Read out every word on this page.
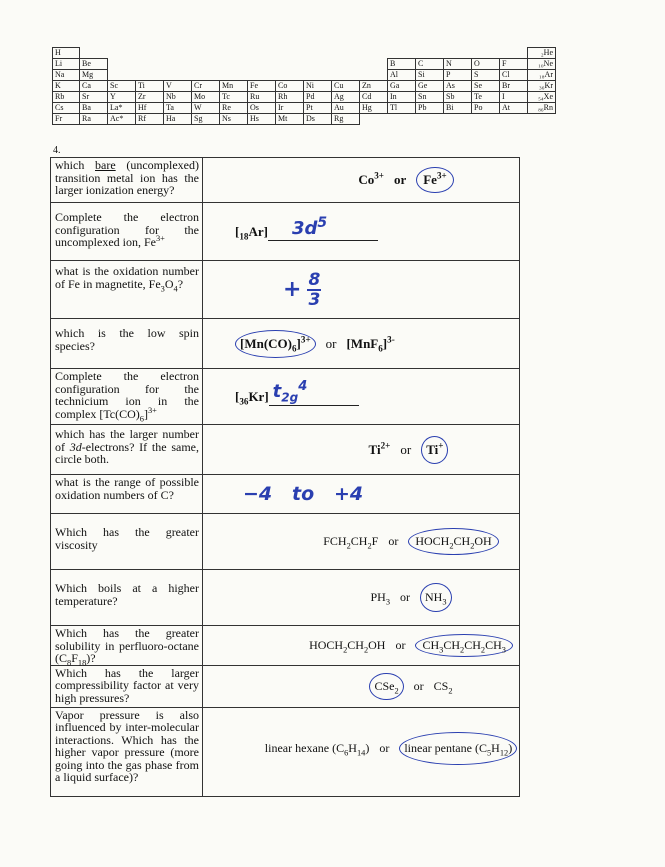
H																	₂He
Li	Be											B	C	N	O	F	₁₀Ne
Na	Mg											Al	Si	P	S	Cl	₁₈Ar
K	Ca	Sc	Ti	V	Cr	Mn	Fe	Co	Ni	Cu	Zn	Ga	Ge	As	Se	Br	₃₆Kr
Rb	Sr	Y	Zr	Nb	Mo	Tc	Ru	Rh	Pd	Ag	Cd	In	Sn	Sb	Te	I	₅₄Xe
Cs	Ba	La*	Hf	Ta	W	Re	Os	Ir	Pt	Au	Hg	Tl	Pb	Bi	Po	At	₈₆Rn
Fr	Ra	Ac*	Rf	Ha	Sg	Ns	Hs	Mt	Ds	Rg							
4.
which bare (uncomplexed) transition metal ion has the larger ionization energy?	$Co^{3+}$ or $Fe^{3+}$

Complete the electron configuration for the uncomplexed ion, $Fe^{3+}$	$[_{18}Ar]$ $3d^5$

what is the oxidation number of Fe in magnetite, $Fe_3O_4$?	+ 8
3

which is the low spin species?	$[Mn(CO)_6]^{3+}$ or $[MnF_6]^{3-}$

Complete the electron configuration for the technicium ion in the complex $[Tc(CO)_6]^{3+}$	$[_{36}Kr]$ $t_{2g}^4$

which has the larger number of 3d-electrons? If the same, circle both.	$Ti^{2+}$ or Ti+

what is the range of possible oxidation numbers of C?	−4   to   +4

Which has the greater viscosity	$FCH_2CH_2F$ or $HOCH_2CH_2OH$

Which boils at a higher temperature?	$PH_3$ or $NH_3$

Which has the greater solubility in perfluoro-octane $(C_8F_{18})$?	$HOCH_2CH_2OH$ or $CH_3CH_2CH_2CH_3$

Which has the larger compressibility factor at very high pressures?	CSe$_2$ or $CS_2$

Vapor pressure is also influenced by inter-molecular interactions. Which has the higher vapor pressure (more going into the gas phase from a liquid surface)?	linear hexane $(C_6H_{14})$ or linear pentane $(C_5H_{12})$
